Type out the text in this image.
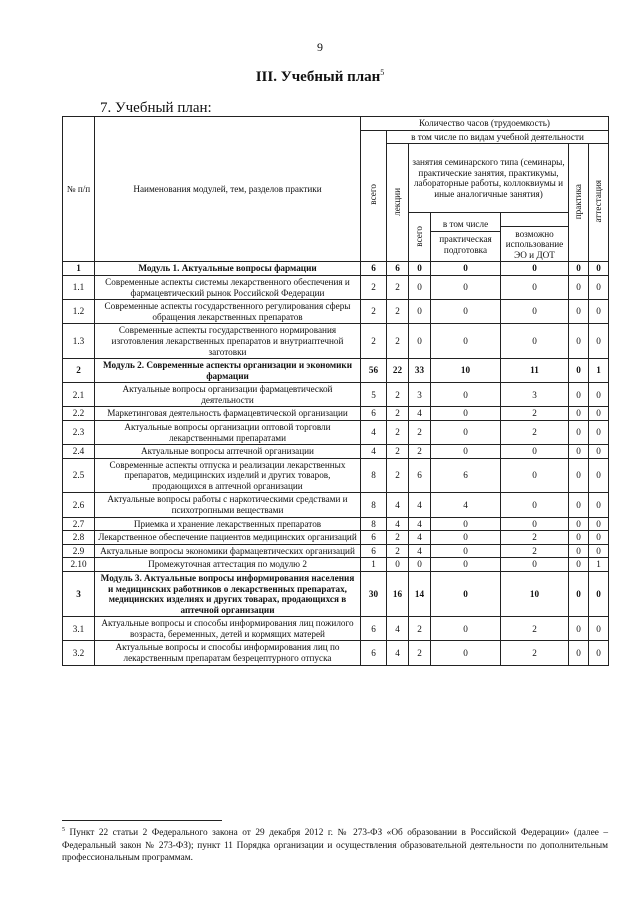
9
III. Учебный план$^5$
7. Учебный план:
№ п/п	Наименования модулей, тем, разделов практики	Количество часов (трудоемкость)						
		всего	в том числе по видам учебной деятельности					
			лекции	занятия семинарского типа (семинары, практические занятия, практикумы, лабораторные работы, коллоквиумы и иные аналогичные занятия)			практика	аттестация
				всего	в том числе
практическая подготовка	возможно использование ЭО и ДОТ		

1	Модуль 1. Актуальные вопросы фармации	6	6	0	0	0	0	0
1.1	Современные аспекты системы лекарственного обеспечения и фармацевтический рынок Российской Федерации	2	2	0	0	0	0	0
1.2	Современные аспекты государственного регулирования сферы обращения лекарственных препаратов	2	2	0	0	0	0	0
1.3	Современные аспекты государственного нормирования изготовления лекарственных препаратов и внутриаптечной заготовки	2	2	0	0	0	0	0
2	Модуль 2. Современные аспекты организации и экономики фармации	56	22	33	10	11	0	1
2.1	Актуальные вопросы организации фармацевтической деятельности	5	2	3	0	3	0	0
2.2	Маркетинговая деятельность фармацевтической организации	6	2	4	0	2	0	0
2.3	Актуальные вопросы организации оптовой торговли лекарственными препаратами	4	2	2	0	2	0	0
2.4	Актуальные вопросы аптечной организации	4	2	2	0	0	0	0
2.5	Современные аспекты отпуска и реализации лекарственных препаратов, медицинских изделий и других товаров, продающихся в аптечной организации	8	2	6	6	0	0	0
2.6	Актуальные вопросы работы с наркотическими средствами и психотропными веществами	8	4	4	4	0	0	0
2.7	Приемка и хранение лекарственных препаратов	8	4	4	0	0	0	0
2.8	Лекарственное обеспечение пациентов медицинских организаций	6	2	4	0	2	0	0
2.9	Актуальные вопросы экономики фармацевтических организаций	6	2	4	0	2	0	0
2.10	Промежуточная аттестация по модулю 2	1	0	0	0	0	0	1
3	Модуль 3. Актуальные вопросы информирования населения и медицинских работников о лекарственных препаратах, медицинских изделиях и других товарах, продающихся в аптечной организации	30	16	14	0	10	0	0
3.1	Актуальные вопросы и способы информирования лиц пожилого возраста, беременных, детей и кормящих матерей	6	4	2	0	2	0	0
3.2	Актуальные вопросы и способы информирования лиц по лекарственным препаратам безрецептурного отпуска	6	4	2	0	2	0	0
$^5$ Пункт 22 статьи 2 Федерального закона от 29 декабря 2012 г. № 273-ФЗ «Об образовании в Российской Федерации» (далее – Федеральный закон № 273-ФЗ); пункт 11 Порядка организации и осуществления образовательной деятельности по дополнительным профессиональным программам.
